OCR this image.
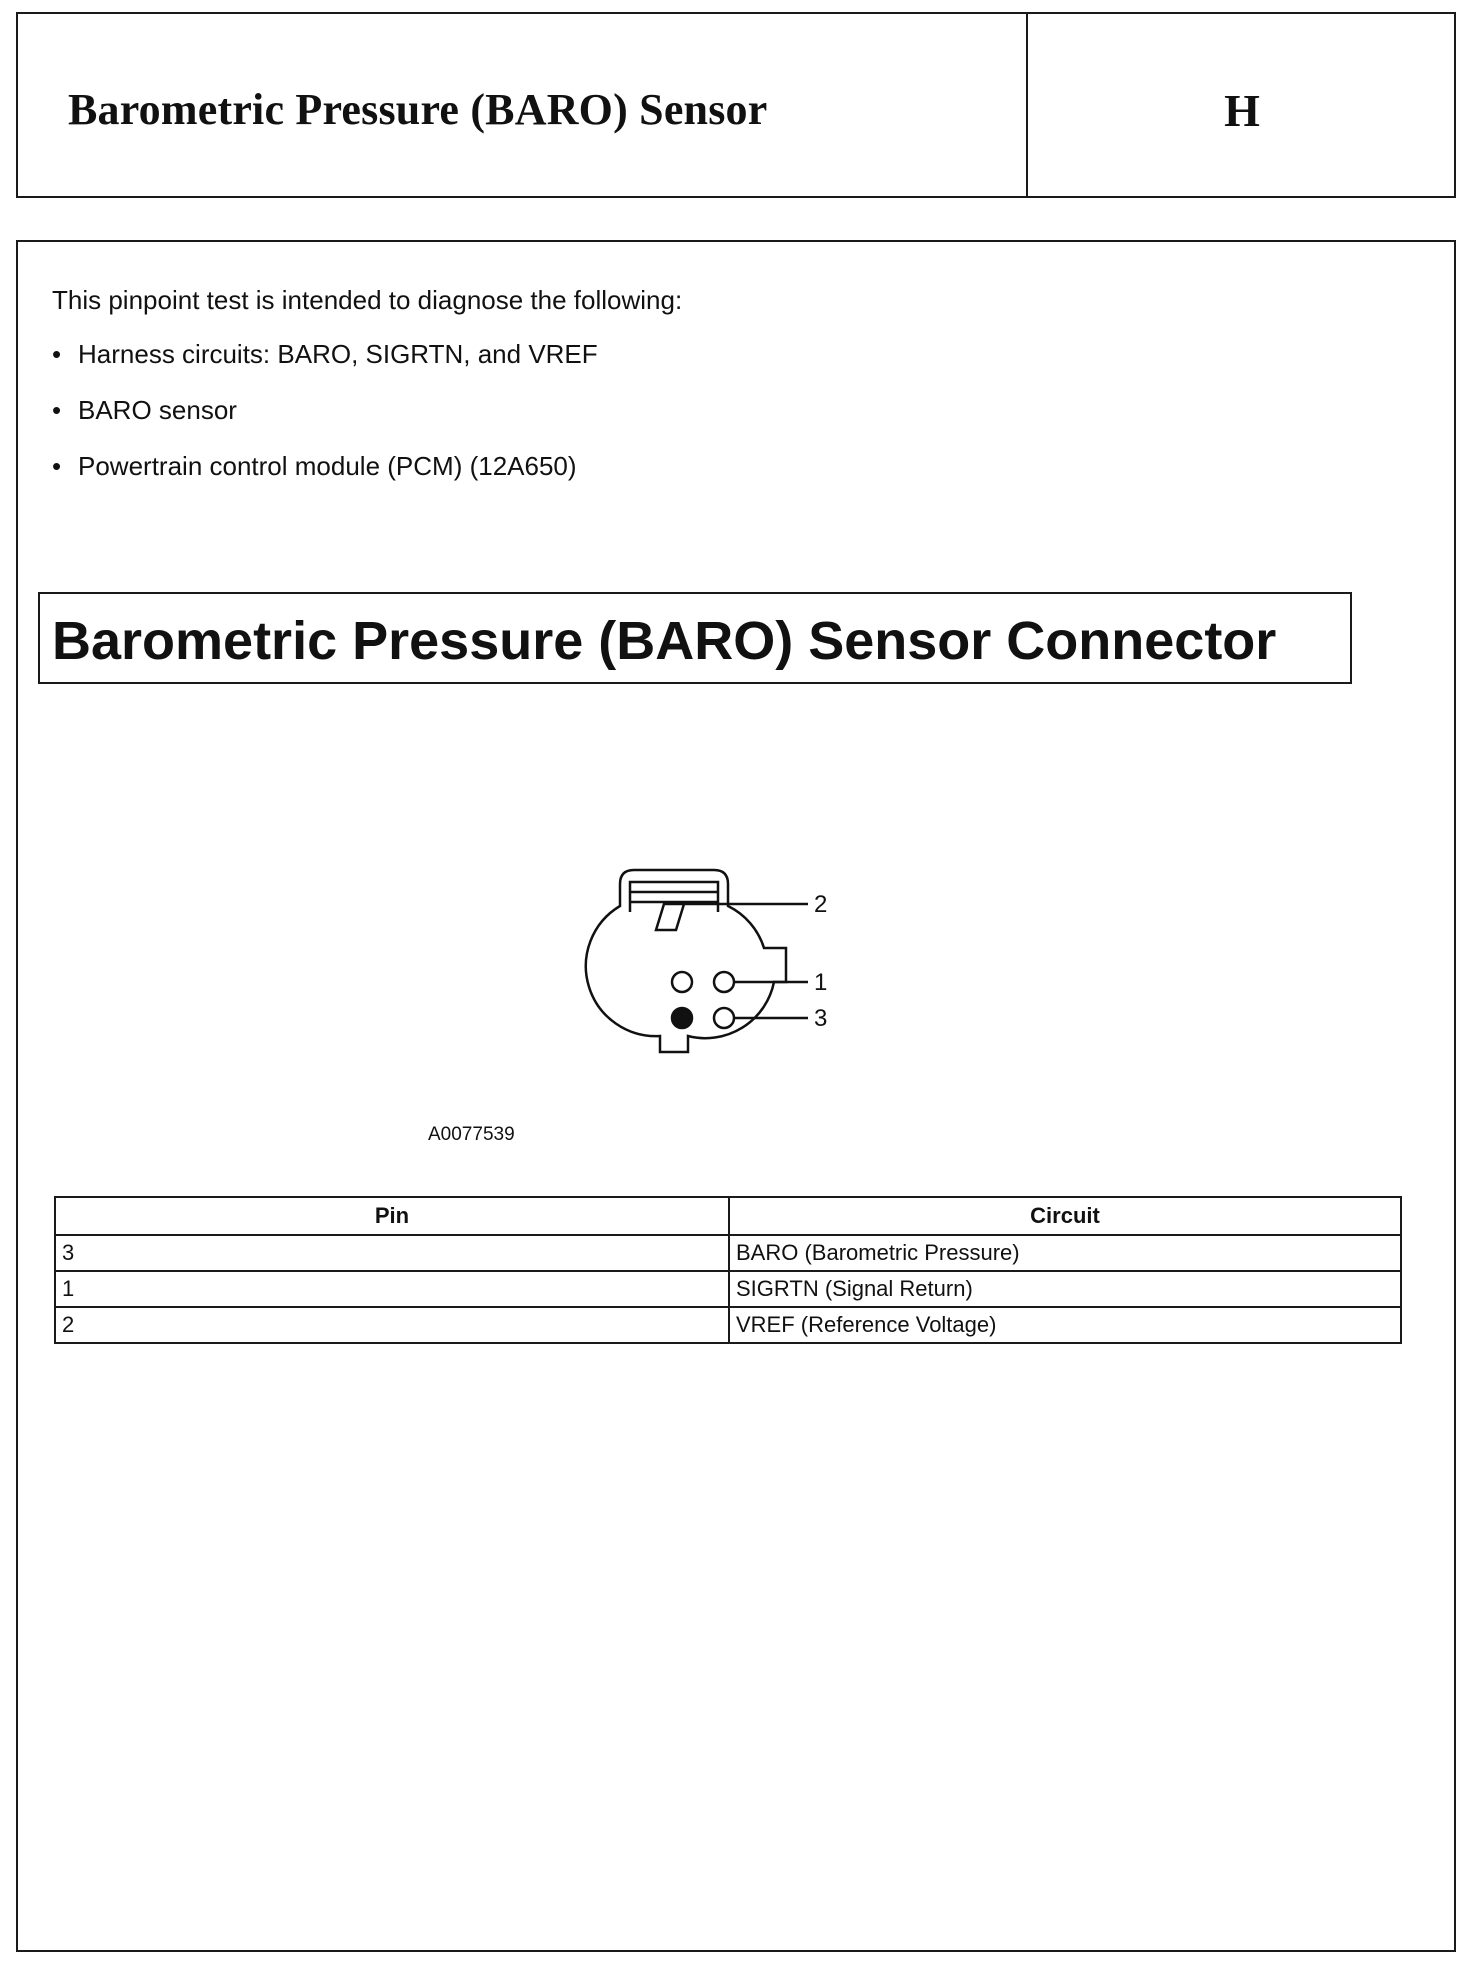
Barometric Pressure (BARO) Sensor	H
This pinpoint test is intended to diagnose the following:
• Harness circuits: BARO, SIGRTN, and VREF
• BARO sensor
• Powertrain control module (PCM) (12A650)
Barometric Pressure (BARO) Sensor Connector
2
1
3
A0077539
Pin	Circuit
3	BARO (Barometric Pressure)
1	SIGRTN (Signal Return)
2	VREF (Reference Voltage)
